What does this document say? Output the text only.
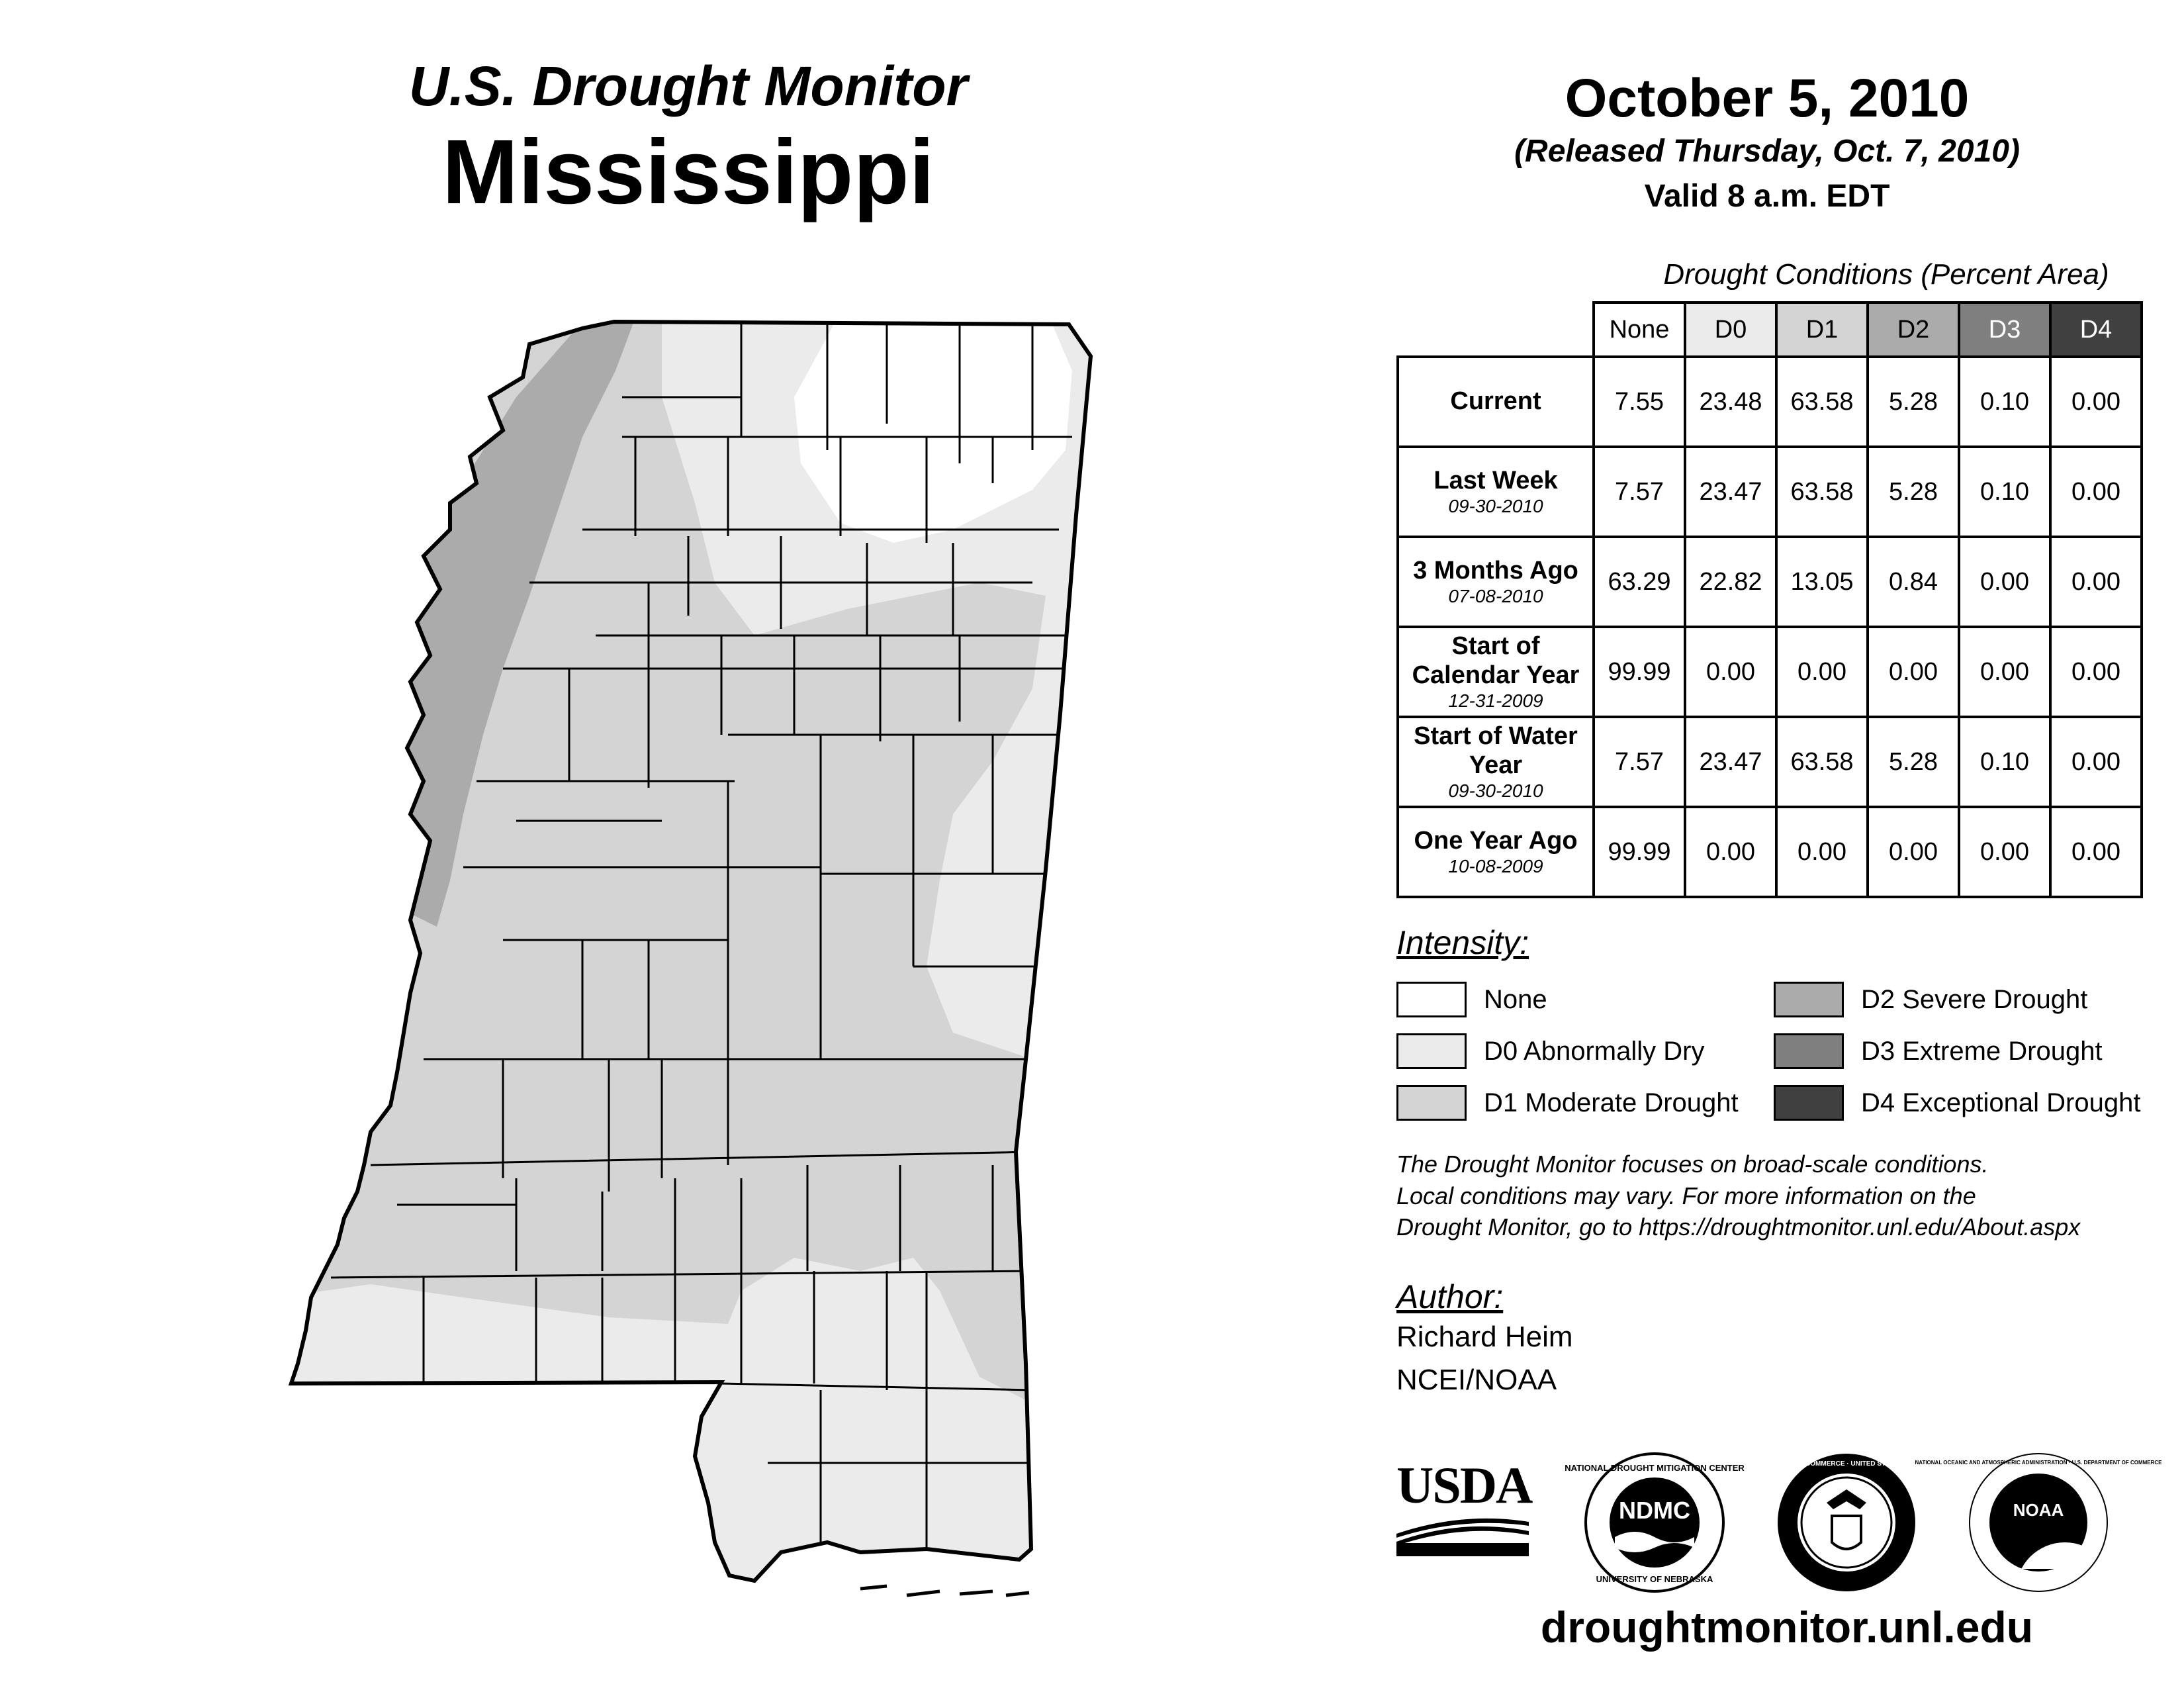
U.S. Drought Monitor

Mississippi

October 5, 2010
(Released Thursday, Oct. 7, 2010)
Valid 8 a.m. EDT
Drought Conditions (Percent Area)
	None	D0	D1	D2	D3	D4

Current	7.55	23.48	63.58	5.28	0.10	0.00

Last Week
09-30-2010	7.57	23.47	63.58	5.28	0.10	0.00

3 Months Ago
07-08-2010	63.29	22.82	13.05	0.84	0.00	0.00

Start of Calendar Year
12-31-2009	99.99	0.00	0.00	0.00	0.00	0.00

Start of Water Year
09-30-2010	7.57	23.47	63.58	5.28	0.10	0.00

One Year Ago
10-08-2009	99.99	0.00	0.00	0.00	0.00	0.00
Intensity:
None
D0 Abnormally Dry
D1 Moderate Drought
D2 Severe Drought
D3 Extreme Drought
D4 Exceptional Drought
The Drought Monitor focuses on broad-scale conditions.
Local conditions may vary. For more information on the
Drought Monitor, go to https://droughtmonitor.unl.edu/About.aspx
Author:
Richard Heim
NCEI/NOAA
USDA	NDMC
NATIONAL DROUGHT MITIGATION CENTER
UNIVERSITY OF NEBRASKA
DEPARTMENT OF COMMERCE · UNITED STATES OF AMERICA
NOAA
NATIONAL OCEANIC AND ATMOSPHERIC ADMINISTRATION · U.S. DEPARTMENT OF COMMERCE
droughtmonitor.unl.edu
